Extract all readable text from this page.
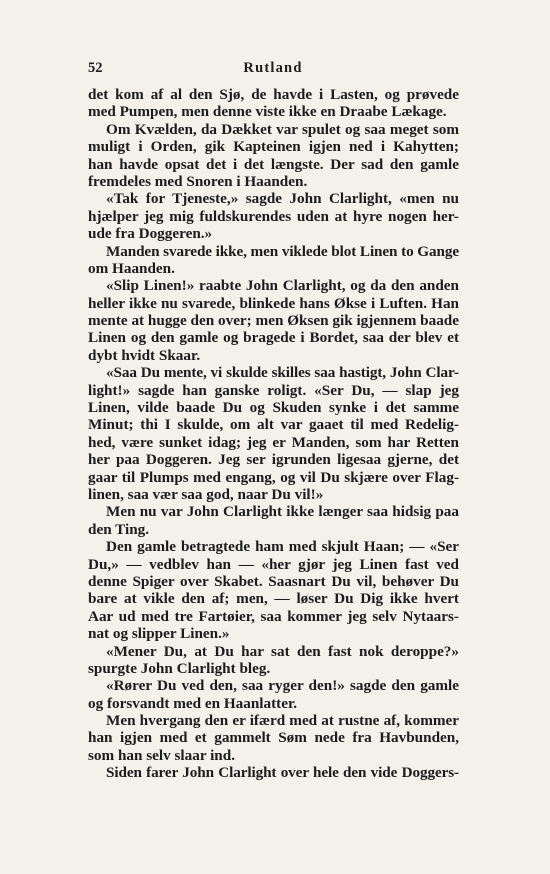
52	Rutland
det kom af al den Sjø, de havde i Lasten, og prøvede
med Pumpen, men denne viste ikke en Draabe Lækage.
Om Kvælden, da Dækket var spulet og saa meget som
muligt i Orden, gik Kapteinen igjen ned i Kahytten;
han havde opsat det i det længste. Der sad den gamle
fremdeles med Snoren i Haanden.
«Tak for Tjeneste,» sagde John Clarlight, «men nu
hjælper jeg mig fuldskurendes uden at hyre nogen her-
ude fra Doggeren.»
Manden svarede ikke, men viklede blot Linen to Gange
om Haanden.
«Slip Linen!» raabte John Clarlight, og da den anden
heller ikke nu svarede, blinkede hans Økse i Luften. Han
mente at hugge den over; men Øksen gik igjennem baade
Linen og den gamle og bragede i Bordet, saa der blev et
dybt hvidt Skaar.
«Saa Du mente, vi skulde skilles saa hastigt, John Clar-
light!» sagde han ganske roligt. «Ser Du, — slap jeg
Linen, vilde baade Du og Skuden synke i det samme
Minut; thi I skulde, om alt var gaaet til med Redelig-
hed, være sunket idag; jeg er Manden, som har Retten
her paa Doggeren. Jeg ser igrunden ligesaa gjerne, det
gaar til Plumps med engang, og vil Du skjære over Flag-
linen, saa vær saa god, naar Du vil!»
Men nu var John Clarlight ikke længer saa hidsig paa
den Ting.
Den gamle betragtede ham med skjult Haan; — «Ser
Du,» — vedblev han — «her gjør jeg Linen fast ved
denne Spiger over Skabet. Saasnart Du vil, behøver Du
bare at vikle den af; men, — løser Du Dig ikke hvert
Aar ud med tre Fartøier, saa kommer jeg selv Nytaars-
nat og slipper Linen.»
«Mener Du, at Du har sat den fast nok deroppe?»
spurgte John Clarlight bleg.
«Rører Du ved den, saa ryger den!» sagde den gamle
og forsvandt med en Haanlatter.
Men hvergang den er ifærd med at rustne af, kommer
han igjen med et gammelt Søm nede fra Havbunden,
som han selv slaar ind.
Siden farer John Clarlight over hele den vide Doggers-
